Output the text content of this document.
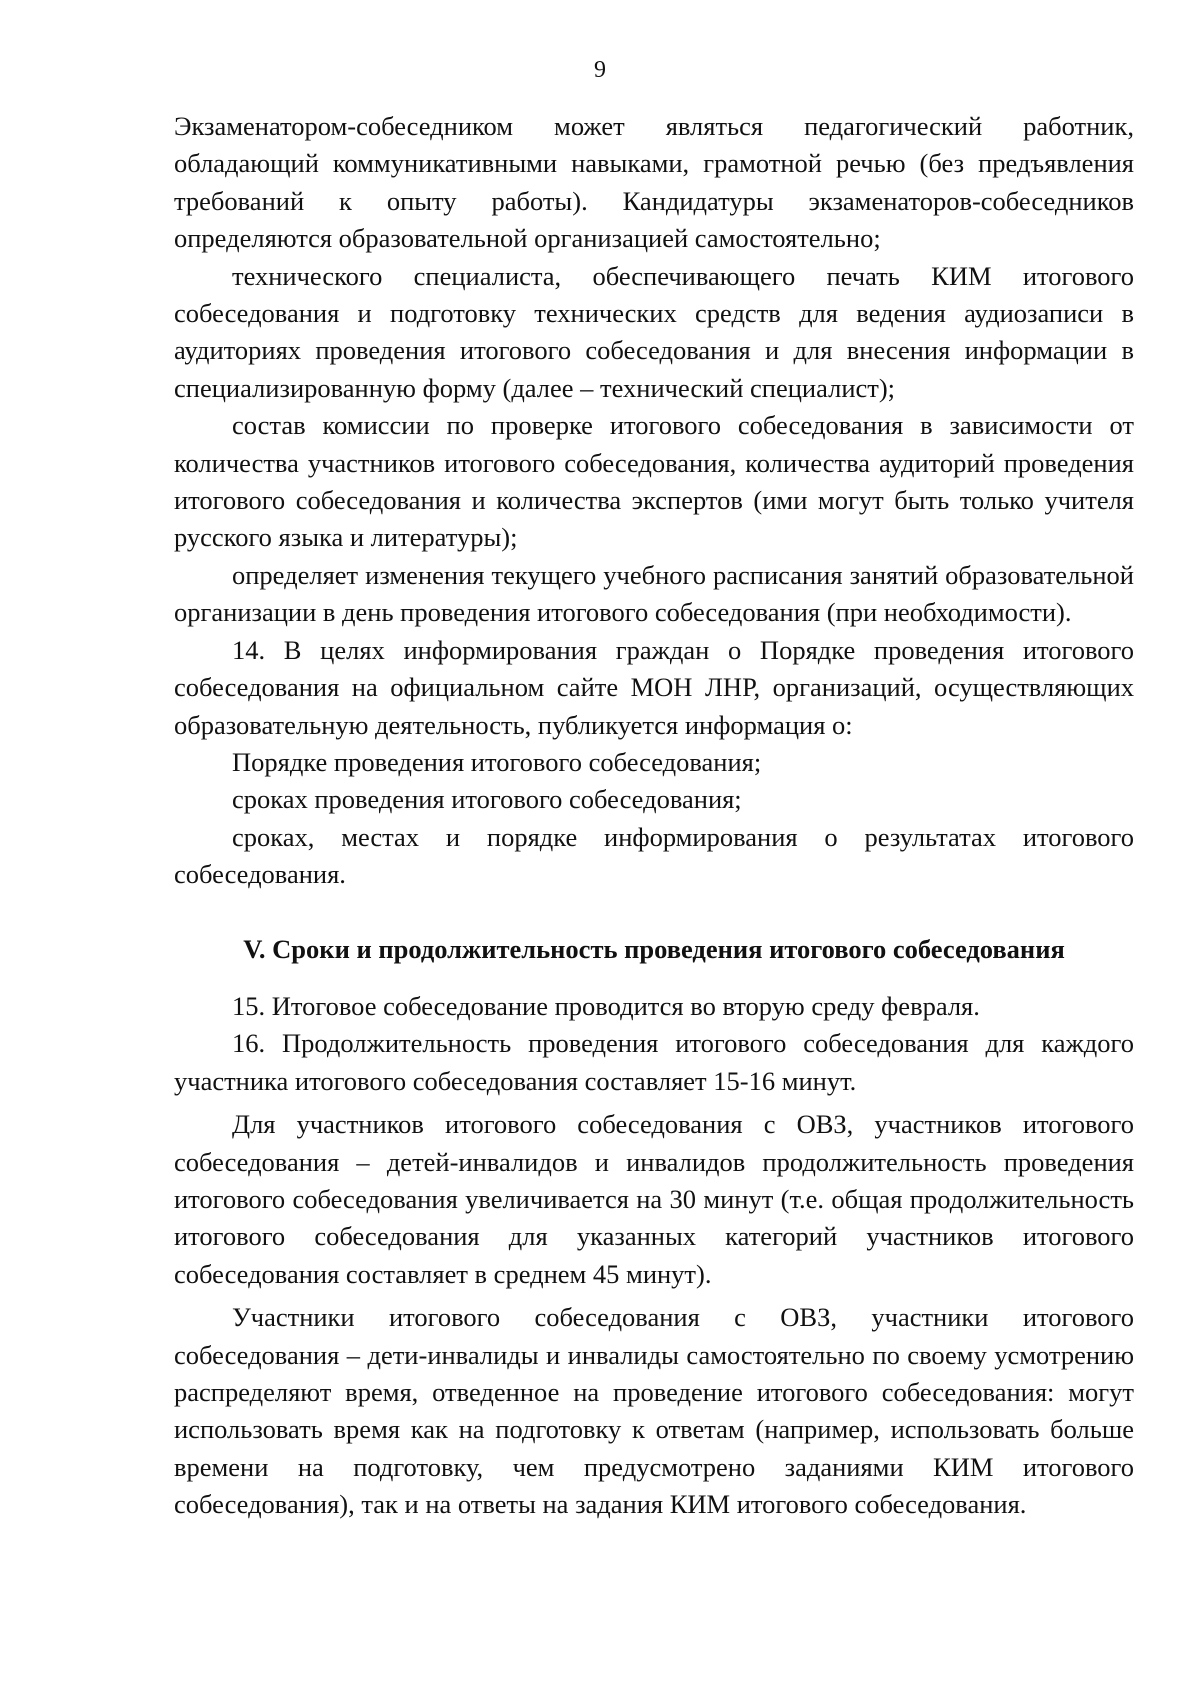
9

Экзаменатором-собеседником может являться педагогический работник, обладающий коммуникативными навыками, грамотной речью (без предъявления требований к опыту работы). Кандидатуры экзаменаторов-собеседников определяются образовательной организацией самостоятельно;

технического специалиста, обеспечивающего печать КИМ итогового собеседования и подготовку технических средств для ведения аудиозаписи в аудиториях проведения итогового собеседования и для внесения информации в специализированную форму (далее – технический специалист);

состав комиссии по проверке итогового собеседования в зависимости от количества участников итогового собеседования, количества аудиторий проведения итогового собеседования и количества экспертов (ими могут быть только учителя русского языка и литературы);

определяет изменения текущего учебного расписания занятий образовательной организации в день проведения итогового собеседования (при необходимости).

14. В целях информирования граждан о Порядке проведения итогового собеседования на официальном сайте МОН ЛНР, организаций, осуществляющих образовательную деятельность, публикуется информация о:

Порядке проведения итогового собеседования;

сроках проведения итогового собеседования;

сроках, местах и порядке информирования о результатах итогового собеседования.

V. Сроки и продолжительность проведения итогового собеседования

15. Итоговое собеседование проводится во вторую среду февраля.

16. Продолжительность проведения итогового собеседования для каждого участника итогового собеседования составляет 15-16 минут.

Для участников итогового собеседования с ОВЗ, участников итогового собеседования – детей-инвалидов и инвалидов продолжительность проведения итогового собеседования увеличивается на 30 минут (т.е. общая продолжительность итогового собеседования для указанных категорий участников итогового собеседования составляет в среднем 45 минут).

Участники итогового собеседования с ОВЗ, участники итогового собеседования – дети-инвалиды и инвалиды самостоятельно по своему усмотрению распределяют время, отведенное на проведение итогового собеседования: могут использовать время как на подготовку к ответам (например, использовать больше времени на подготовку, чем предусмотрено заданиями КИМ итогового собеседования), так и на ответы на задания КИМ итогового собеседования.
